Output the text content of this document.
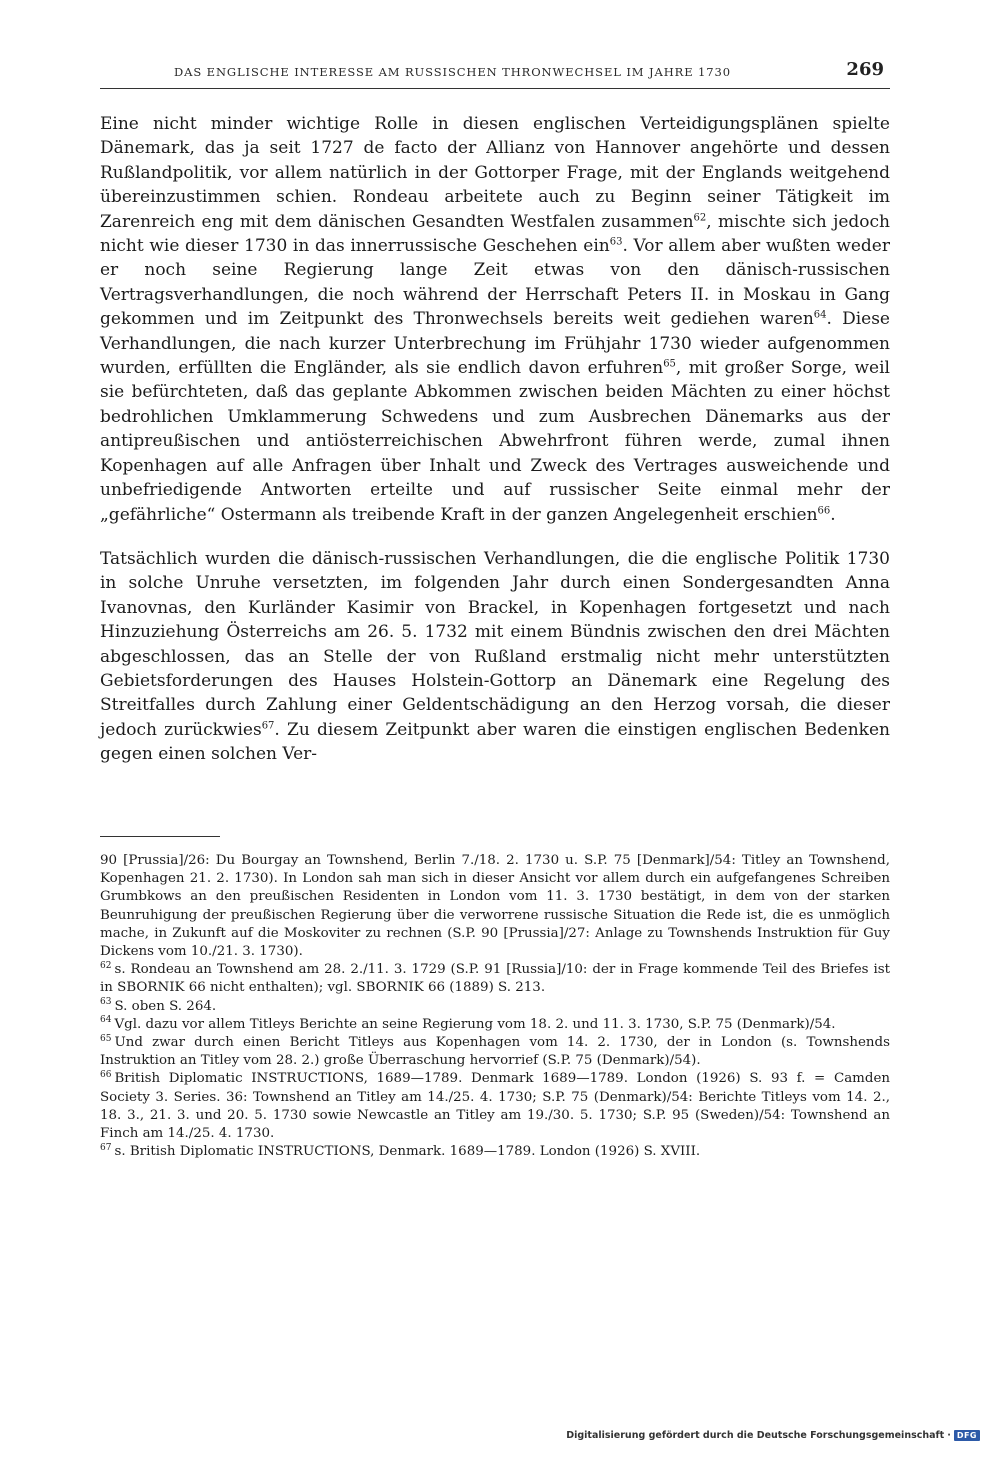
DAS ENGLISCHE INTERESSE AM RUSSISCHEN THRONWECHSEL IM JAHRE 1730	269

Eine nicht minder wichtige Rolle in diesen englischen Verteidigungsplänen spielte Dänemark, das ja seit 1727 de facto der Allianz von Hannover angehörte und dessen Rußlandpolitik, vor allem natürlich in der Gottorper Frage, mit der Englands weitgehend übereinzustimmen schien. Rondeau arbeitete auch zu Beginn seiner Tätigkeit im Zarenreich eng mit dem dänischen Gesandten Westfalen zusammen$^{62}$, mischte sich jedoch nicht wie dieser 1730 in das innerrussische Geschehen ein$^{63}$. Vor allem aber wußten weder er noch seine Regierung lange Zeit etwas von den dänisch-russischen Vertragsverhandlungen, die noch während der Herrschaft Peters II. in Moskau in Gang gekommen und im Zeitpunkt des Thronwechsels bereits weit gediehen waren$^{64}$. Diese Verhandlungen, die nach kurzer Unterbrechung im Frühjahr 1730 wieder aufgenommen wurden, erfüllten die Engländer, als sie endlich davon erfuhren$^{65}$, mit großer Sorge, weil sie befürchteten, daß das geplante Abkommen zwischen beiden Mächten zu einer höchst bedrohlichen Umklammerung Schwedens und zum Ausbrechen Dänemarks aus der antipreußischen und antiösterreichischen Abwehrfront führen werde, zumal ihnen Kopenhagen auf alle Anfragen über Inhalt und Zweck des Vertrages ausweichende und unbefriedigende Antworten erteilte und auf russischer Seite einmal mehr der „gefährliche“ Ostermann als treibende Kraft in der ganzen Angelegenheit erschien$^{66}$.

Tatsächlich wurden die dänisch-russischen Verhandlungen, die die englische Politik 1730 in solche Unruhe versetzten, im folgenden Jahr durch einen Sondergesandten Anna Ivanovnas, den Kurländer Kasimir von Brackel, in Kopenhagen fortgesetzt und nach Hinzuziehung Österreichs am 26. 5. 1732 mit einem Bündnis zwischen den drei Mächten abgeschlossen, das an Stelle der von Rußland erstmalig nicht mehr unterstützten Gebietsforderungen des Hauses Holstein-Gottorp an Dänemark eine Regelung des Streitfalles durch Zahlung einer Geldentschädigung an den Herzog vorsah, die dieser jedoch zurückwies$^{67}$. Zu diesem Zeitpunkt aber waren die einstigen englischen Bedenken gegen einen solchen Ver-

90 [Prussia]/26: Du Bourgay an Townshend, Berlin 7./18. 2. 1730 u. S.P. 75 [Denmark]/54: Titley an Townshend, Kopenhagen 21. 2. 1730). In London sah man sich in dieser Ansicht vor allem durch ein aufgefangenes Schreiben Grumbkows an den preußischen Residenten in London vom 11. 3. 1730 bestätigt, in dem von der starken Beunruhigung der preußischen Regierung über die verworrene russische Situation die Rede ist, die es unmöglich mache, in Zukunft auf die Moskoviter zu rechnen (S.P. 90 [Prussia]/27: Anlage zu Townshends Instruktion für Guy Dickens vom 10./21. 3. 1730).

$^{62}$ s. Rondeau an Townshend am 28. 2./11. 3. 1729 (S.P. 91 [Russia]/10: der in Frage kommende Teil des Briefes ist in SBORNIK 66 nicht enthalten); vgl. SBORNIK 66 (1889) S. 213.

$^{63}$ S. oben S. 264.

$^{64}$ Vgl. dazu vor allem Titleys Berichte an seine Regierung vom 18. 2. und 11. 3. 1730, S.P. 75 (Denmark)/54.

$^{65}$ Und zwar durch einen Bericht Titleys aus Kopenhagen vom 14. 2. 1730, der in London (s. Townshends Instruktion an Titley vom 28. 2.) große Überraschung hervorrief (S.P. 75 (Denmark)/54).

$^{66}$ British Diplomatic INSTRUCTIONS, 1689—1789. Denmark 1689—1789. London (1926) S. 93 f. = Camden Society 3. Series. 36: Townshend an Titley am 14./25. 4. 1730; S.P. 75 (Denmark)/54: Berichte Titleys vom 14. 2., 18. 3., 21. 3. und 20. 5. 1730 sowie Newcastle an Titley am 19./30. 5. 1730; S.P. 95 (Sweden)/54: Townshend an Finch am 14./25. 4. 1730.

$^{67}$ s. British Diplomatic INSTRUCTIONS, Denmark. 1689—1789. London (1926) S. XVIII.

Digitalisierung gefördert durch die Deutsche Forschungsgemeinschaft · DFG
